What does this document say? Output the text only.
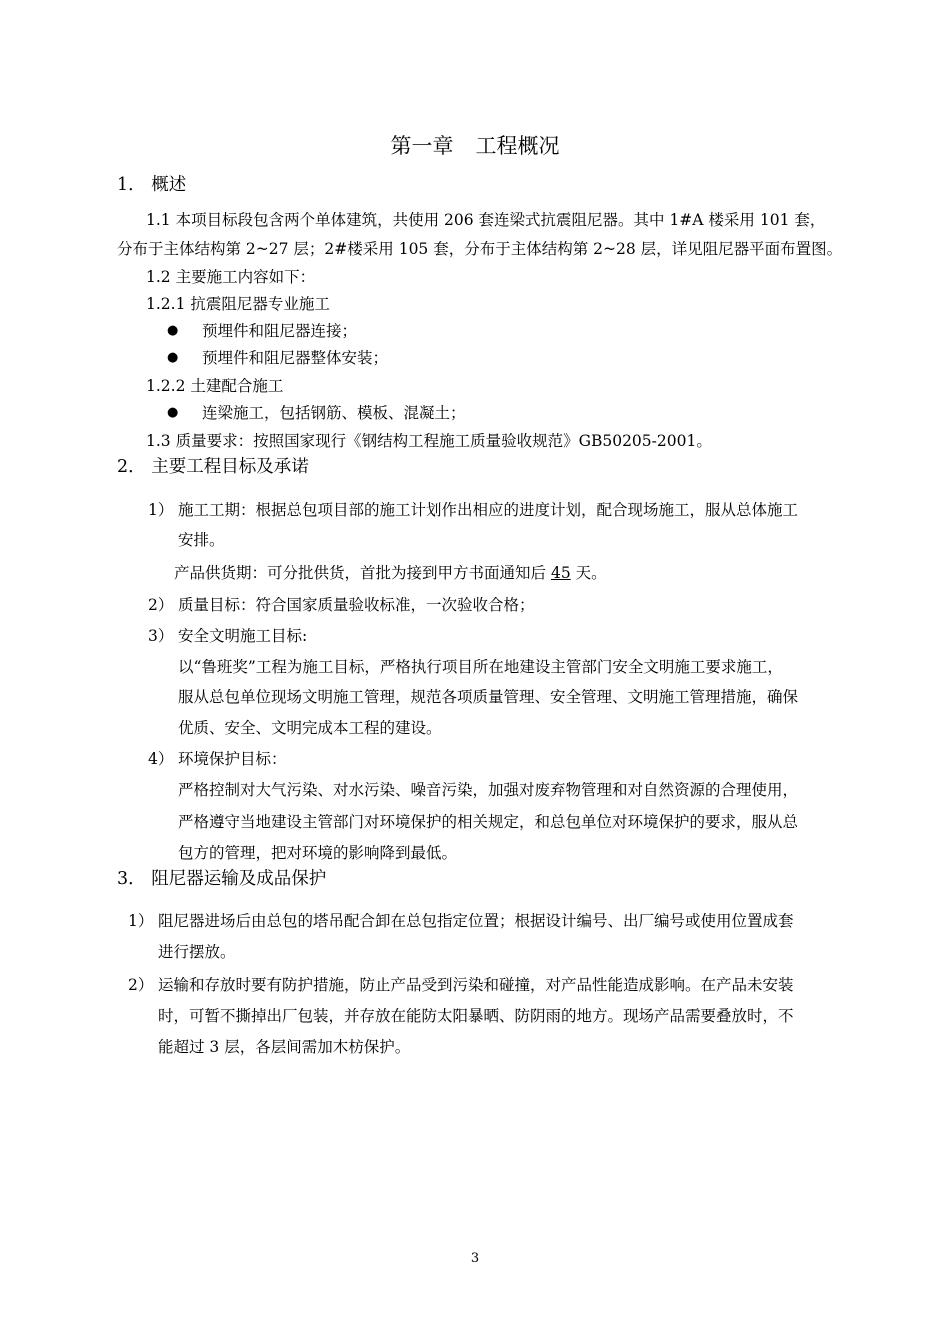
第一章 工程概况
1． 概述
1.1 本项目标段包含两个单体建筑，共使用 206 套连梁式抗震阻尼器。其中 1#A 楼采用 101 套，
分布于主体结构第 2~27 层；2#楼采用 105 套，分布于主体结构第 2~28 层，详见阻尼器平面布置图。
1.2 主要施工内容如下：
1.2.1 抗震阻尼器专业施工
● 预埋件和阻尼器连接；
● 预埋件和阻尼器整体安装；
1.2.2 土建配合施工
● 连梁施工，包括钢筋、模板、混凝土；
1.3 质量要求：按照国家现行《钢结构工程施工质量验收规范》GB50205-2001。
2． 主要工程目标及承诺
1） 施工工期：根据总包项目部的施工计划作出相应的进度计划，配合现场施工，服从总体施工
安排。
产品供货期：可分批供货，首批为接到甲方书面通知后 45 天。
2） 质量目标：符合国家质量验收标准，一次验收合格；
3） 安全文明施工目标:
以“鲁班奖”工程为施工目标，严格执行项目所在地建设主管部门安全文明施工要求施工，
服从总包单位现场文明施工管理，规范各项质量管理、安全管理、文明施工管理措施，确保
优质、安全、文明完成本工程的建设。
4） 环境保护目标：
严格控制对大气污染、对水污染、噪音污染，加强对废弃物管理和对自然资源的合理使用，
严格遵守当地建设主管部门对环境保护的相关规定，和总包单位对环境保护的要求，服从总
包方的管理，把对环境的影响降到最低。
3． 阻尼器运输及成品保护
1） 阻尼器进场后由总包的塔吊配合卸在总包指定位置；根据设计编号、出厂编号或使用位置成套
进行摆放。
2） 运输和存放时要有防护措施，防止产品受到污染和碰撞，对产品性能造成影响。在产品未安装
时，可暂不撕掉出厂包装，并存放在能防太阳暴晒、防阴雨的地方。现场产品需要叠放时，不
能超过 3 层，各层间需加木枋保护。
3
